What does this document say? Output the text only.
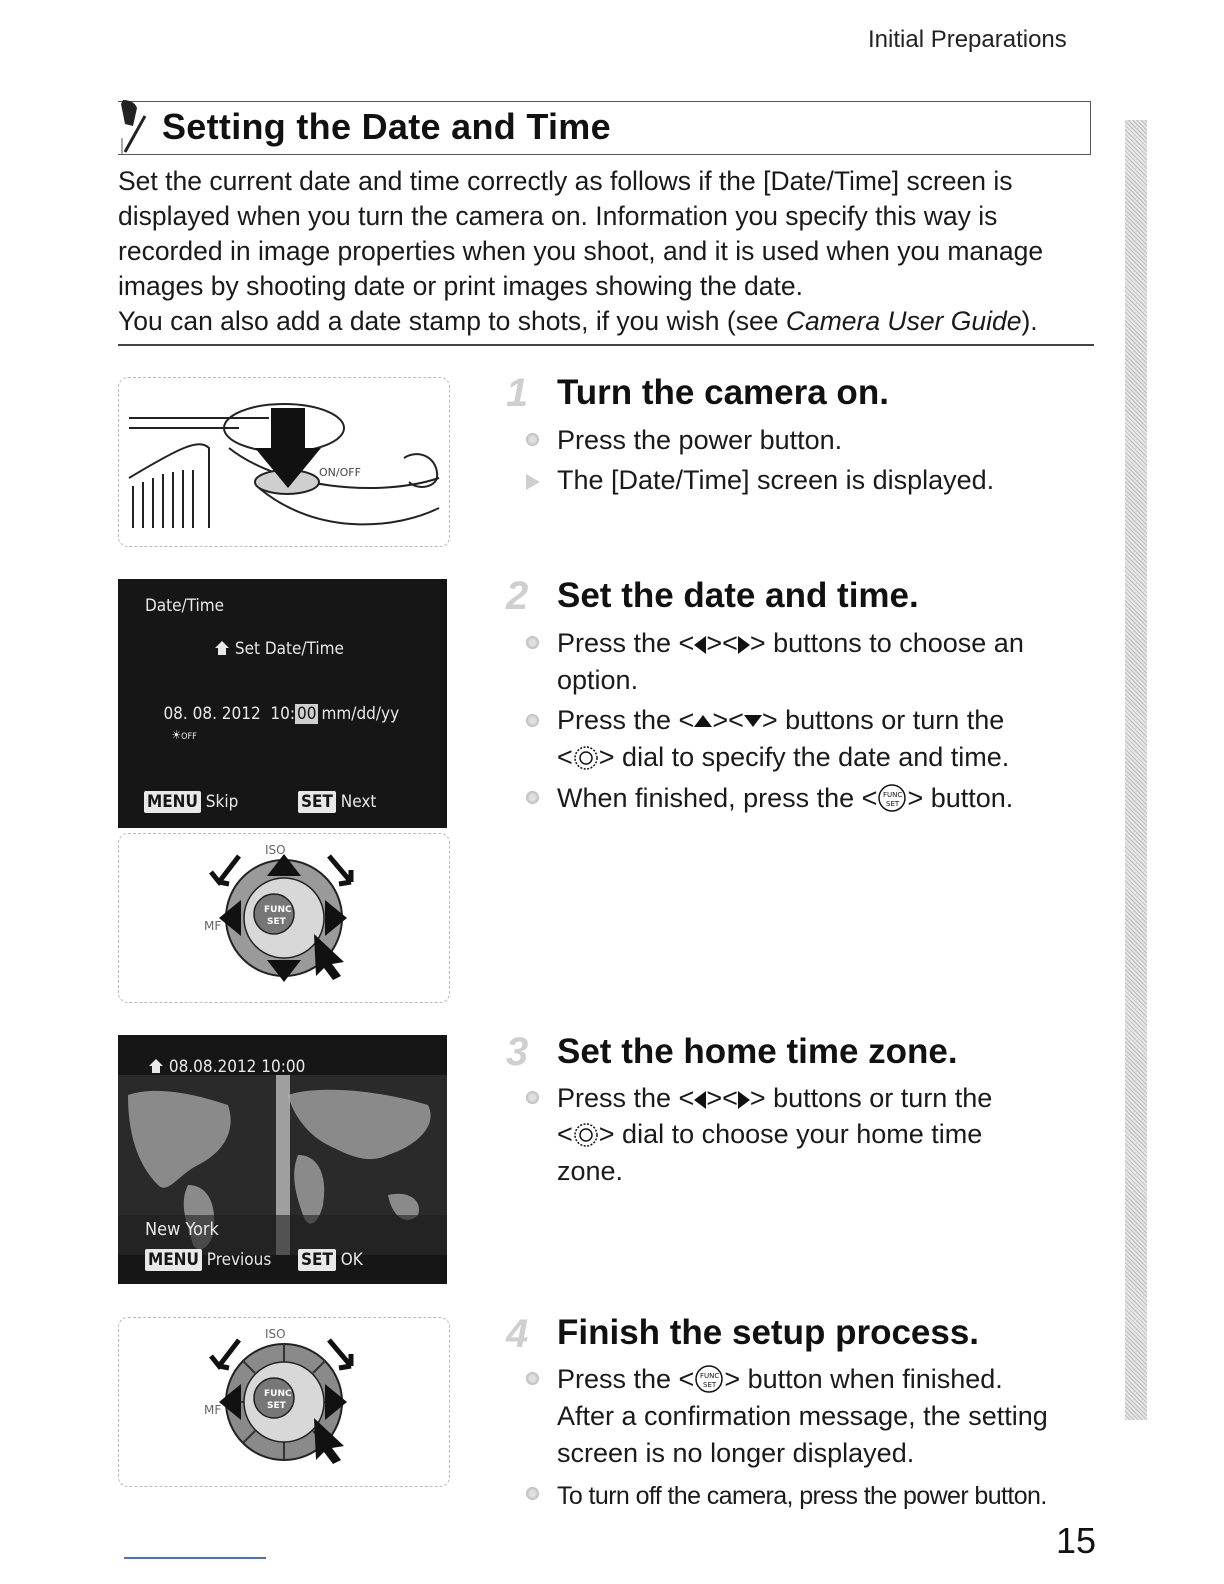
Initial Preparations
Setting the Date and Time

Set the current date and time correctly as follows if the [Date/Time] screen is displayed when you turn the camera on. Information you specify this way is recorded in image properties when you shoot, and it is used when you manage images by shooting date or print images showing the date.

You can also add a date stamp to shots, if you wish (see Camera User Guide).

ON/OFF
Date/Time
Set Date/Time

08. 08. 2012  10: 00 mm/dd/yy
☀OFF

MENU Skip	SET Next
FUNC
SET
ISO
MF
08.08.2012 10:00
New York
MENU Previous SET OK
FUNC
SET
ISO
MF
1 Turn the camera on.
Press the power button.
The [Date/Time] screen is displayed.
2 Set the date and time.
Press the < >< > buttons to choose an
option.
Press the < >< > buttons or turn the
< > dial to specify the date and time.
When finished, press the < FUNC
SET > button.
3 Set the home time zone.
Press the < >< > buttons or turn the
< > dial to choose your home time
zone.
4 Finish the setup process.
Press the < FUNC
SET > button when finished.
After a confirmation message, the setting
screen is no longer displayed.
To turn off the camera, press the power button.
15
